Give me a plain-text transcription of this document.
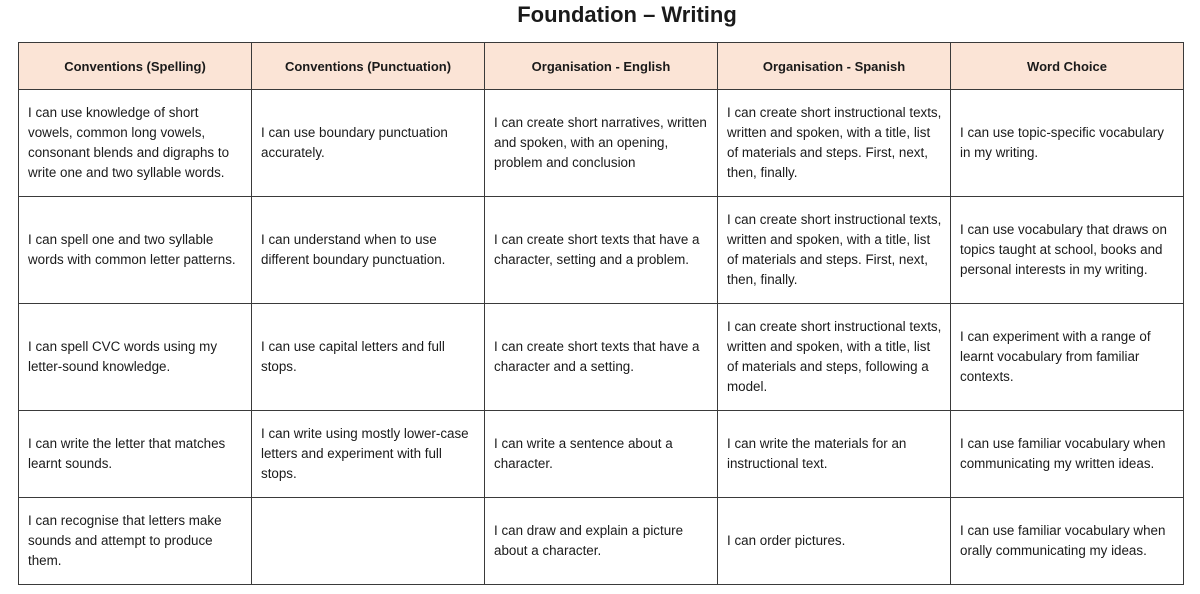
Foundation – Writing
Conventions (Spelling)	Conventions (Punctuation)	Organisation - English	Organisation - Spanish	Word Choice
I can use knowledge of short vowels, common long vowels, consonant blends and digraphs to write one and two syllable words.	I can use boundary punctuation accurately.	I can create short narratives, written and spoken, with an opening, problem and conclusion	I can create short instructional texts, written and spoken, with a title, list of materials and steps. First, next, then, finally.	I can use topic-specific vocabulary in my writing.
I can spell one and two syllable words with common letter patterns.	I can understand when to use different boundary punctuation.	I can create short texts that have a character, setting and a problem.	I can create short instructional texts, written and spoken, with a title, list of materials and steps. First, next, then, finally.	I can use vocabulary that draws on topics taught at school, books and personal interests in my writing.
I can spell CVC words using my letter-sound knowledge.	I can use capital letters and full stops.	I can create short texts that have a character and a setting.	I can create short instructional texts, written and spoken, with a title, list of materials and steps, following a model.	I can experiment with a range of learnt vocabulary from familiar contexts.
I can write the letter that matches learnt sounds.	I can write using mostly lower-case letters and experiment with full stops.	I can write a sentence about a character.	I can write the materials for an instructional text.	I can use familiar vocabulary when communicating my written ideas.
I can recognise that letters make sounds and attempt to produce them.		I can draw and explain a picture about a character.	I can order pictures.	I can use familiar vocabulary when orally communicating my ideas.
